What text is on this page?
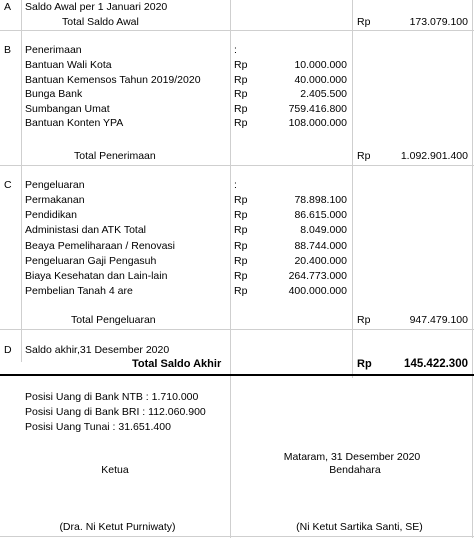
A	Saldo Awal per 1 Januari 2020
Total Saldo Awal	Rp	173.079.100
B	Penerimaan	:
Bantuan Wali Kota	Rp	10.000.000
Bantuan Kemensos Tahun 2019/2020	Rp	40.000.000
Bunga Bank	Rp	2.405.500
Sumbangan Umat	Rp	759.416.800
Bantuan Konten YPA	Rp	108.000.000
Total Penerimaan	Rp	1.092.901.400
C	Pengeluaran	:
Permakanan	Rp	78.898.100
Pendidikan	Rp	86.615.000
Administasi dan ATK Total	Rp	8.049.000
Beaya Pemeliharaan / Renovasi	Rp	88.744.000
Pengeluaran Gaji Pengasuh	Rp	20.400.000
Biaya Kesehatan dan Lain-lain	Rp	264.773.000
Pembelian Tanah 4 are	Rp	400.000.000
Total Pengeluaran	Rp	947.479.100
D	Saldo akhir,31 Desember 2020
Total Saldo Akhir	Rp	145.422.300
Posisi Uang di Bank NTB : 1.710.000
Posisi Uang di Bank BRI : 112.060.900
Posisi Uang Tunai : 31.651.400
Mataram, 31 Desember 2020
Ketua	Bendahara
(Dra. Ni Ketut Purniwaty)	(Ni Ketut Sartika Santi, SE)
